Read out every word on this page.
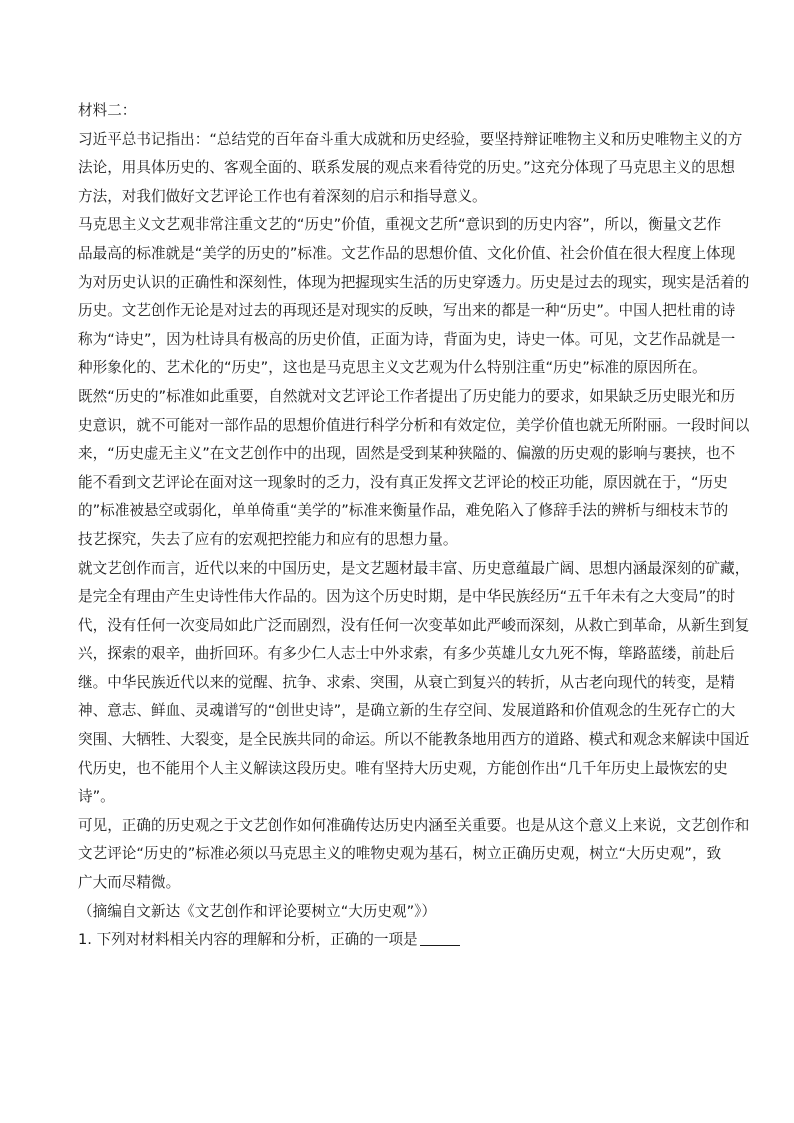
材料二：
习近平总书记指出：“总结党的百年奋斗重大成就和历史经验，要坚持辩证唯物主义和历史唯物主义的方
法论，用具体历史的、客观全面的、联系发展的观点来看待党的历史。”这充分体现了马克思主义的思想
方法，对我们做好文艺评论工作也有着深刻的启示和指导意义。
马克思主义文艺观非常注重文艺的“历史”价值，重视文艺所“意识到的历史内容”，所以，衡量文艺作
品最高的标准就是“美学的历史的”标准。文艺作品的思想价值、文化价值、社会价值在很大程度上体现
为对历史认识的正确性和深刻性，体现为把握现实生活的历史穿透力。历史是过去的现实，现实是活着的
历史。文艺创作无论是对过去的再现还是对现实的反映，写出来的都是一种“历史”。中国人把杜甫的诗
称为“诗史”，因为杜诗具有极高的历史价值，正面为诗，背面为史，诗史一体。可见，文艺作品就是一
种形象化的、艺术化的“历史”，这也是马克思主义文艺观为什么特别注重“历史”标准的原因所在。
既然“历史的”标准如此重要，自然就对文艺评论工作者提出了历史能力的要求，如果缺乏历史眼光和历
史意识，就不可能对一部作品的思想价值进行科学分析和有效定位，美学价值也就无所附丽。一段时间以
来，“历史虚无主义”在文艺创作中的出现，固然是受到某种狭隘的、偏激的历史观的影响与裹挟，也不
能不看到文艺评论在面对这一现象时的乏力，没有真正发挥文艺评论的校正功能，原因就在于，“历史
的”标准被悬空或弱化，单单倚重“美学的”标准来衡量作品，难免陷入了修辞手法的辨析与细枝末节的
技艺探究，失去了应有的宏观把控能力和应有的思想力量。
就文艺创作而言，近代以来的中国历史，是文艺题材最丰富、历史意蕴最广阔、思想内涵最深刻的矿藏，
是完全有理由产生史诗性伟大作品的。因为这个历史时期，是中华民族经历“五千年未有之大变局”的时
代，没有任何一次变局如此广泛而剧烈，没有任何一次变革如此严峻而深刻，从救亡到革命，从新生到复
兴，探索的艰辛，曲折回环。有多少仁人志士中外求索，有多少英雄儿女九死不悔，筚路蓝缕，前赴后
继。中华民族近代以来的觉醒、抗争、求索、突围，从衰亡到复兴的转折，从古老向现代的转变，是精
神、意志、鲜血、灵魂谱写的“创世史诗”，是确立新的生存空间、发展道路和价值观念的生死存亡的大
突围、大牺牲、大裂变，是全民族共同的命运。所以不能教条地用西方的道路、模式和观念来解读中国近
代历史，也不能用个人主义解读这段历史。唯有坚持大历史观，方能创作出“几千年历史上最恢宏的史
诗”。
可见，正确的历史观之于文艺创作如何准确传达历史内涵至关重要。也是从这个意义上来说，文艺创作和
文艺评论“历史的”标准必须以马克思主义的唯物史观为基石，树立正确历史观，树立“大历史观”，致
广大而尽精微。
（摘编自文新达《文艺创作和评论要树立“大历史观”》）
1. 下列对材料相关内容的理解和分析，正确的一项是
